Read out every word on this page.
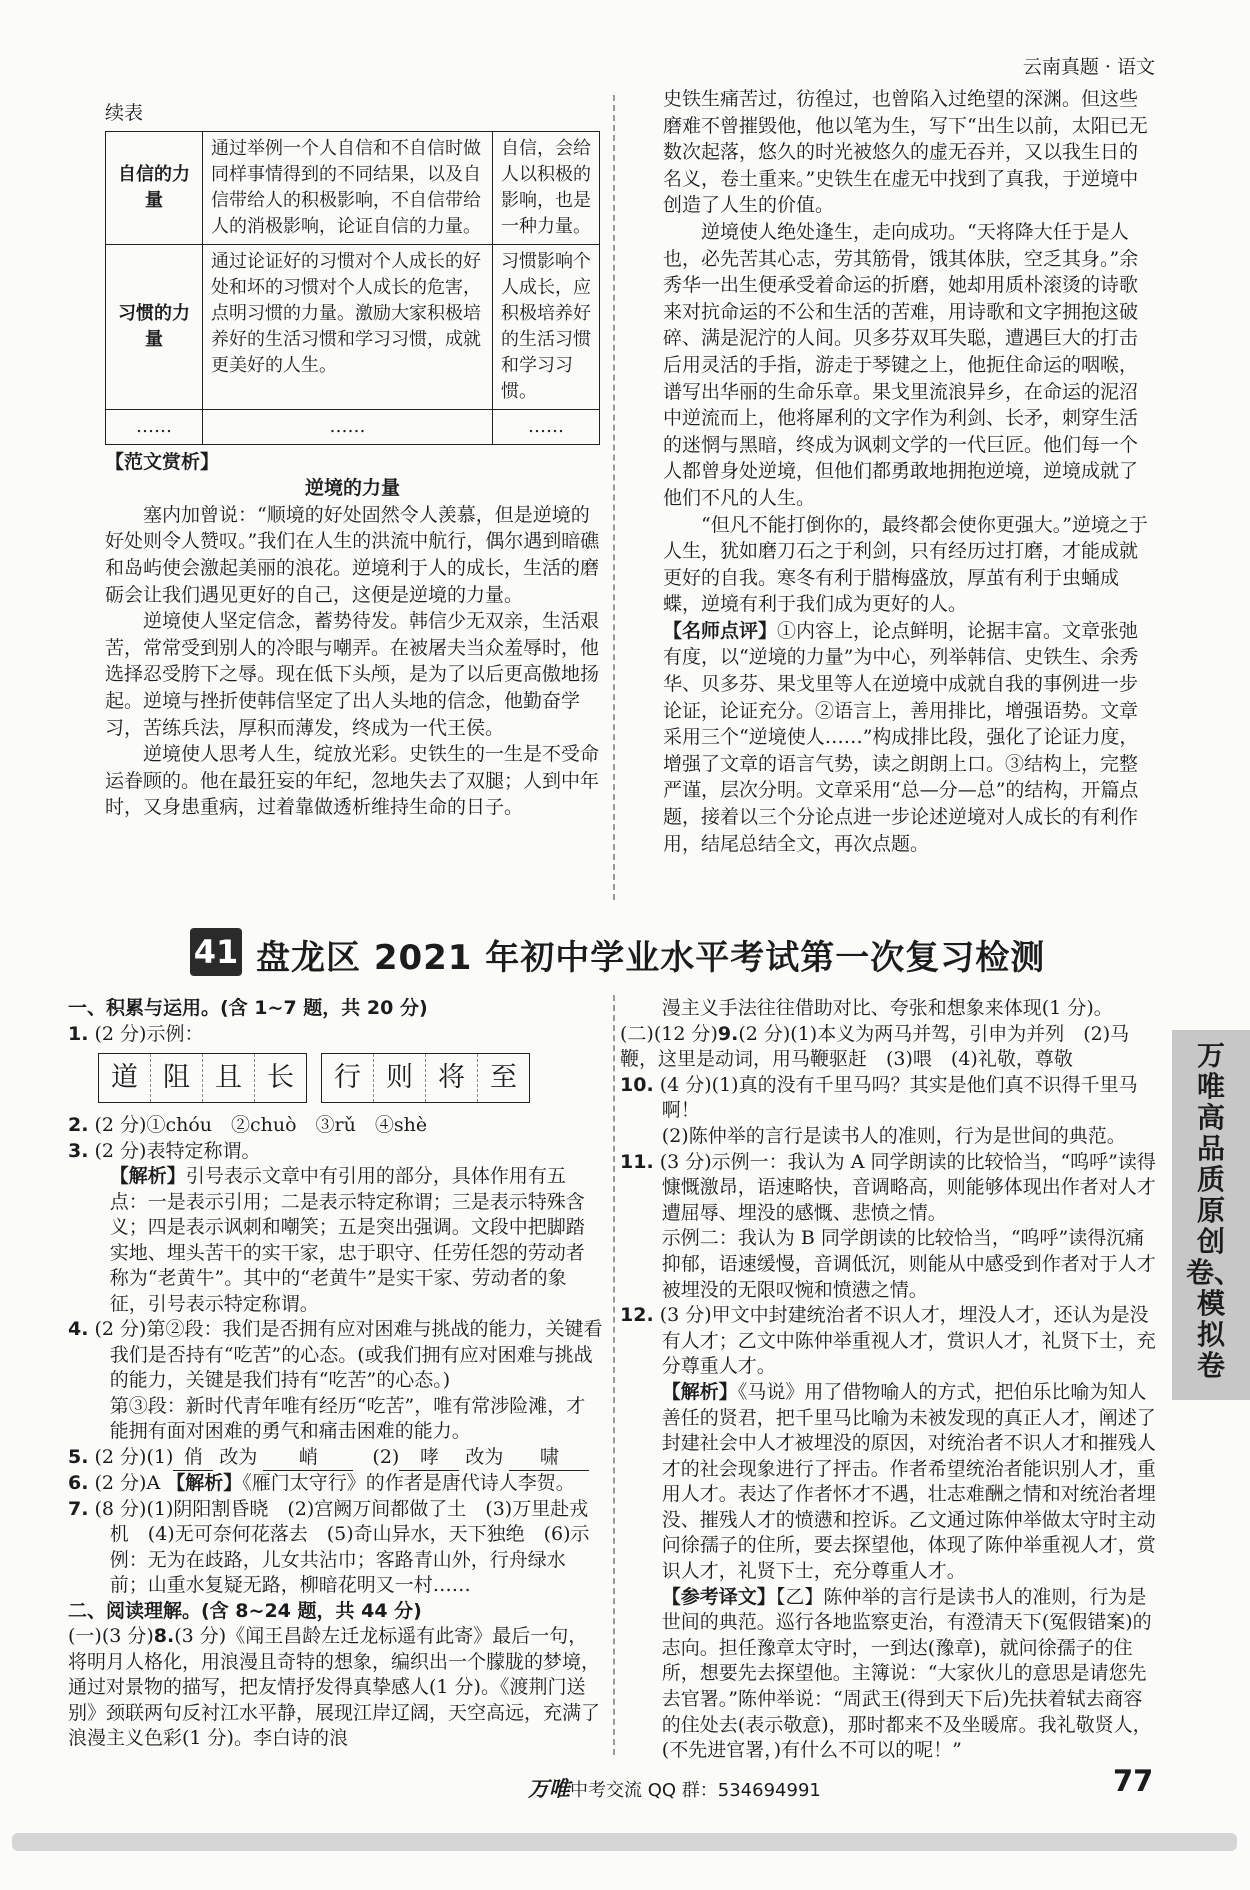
云南真题 · 语文

续表

自信的力量	通过举例一个人自信和不自信时做同样事情得到的不同结果，以及自信带给人的积极影响，不自信带给人的消极影响，论证自信的力量。	自信，会给人以积极的影响，也是一种力量。
习惯的力量	通过论证好的习惯对个人成长的好处和坏的习惯对个人成长的危害，点明习惯的力量。激励大家积极培养好的生活习惯和学习习惯，成就更美好的人生。	习惯影响个人成长，应积极培养好的生活习惯和学习习惯。
……	……	……

【范文赏析】

逆境的力量

塞内加曾说：“顺境的好处固然令人羡慕，但是逆境的好处则令人赞叹。”我们在人生的洪流中航行，偶尔遇到暗礁和岛屿使会激起美丽的浪花。逆境利于人的成长，生活的磨砺会让我们遇见更好的自己，这便是逆境的力量。

逆境使人坚定信念，蓄势待发。韩信少无双亲，生活艰苦，常常受到别人的冷眼与嘲弄。在被屠夫当众羞辱时，他选择忍受胯下之辱。现在低下头颅，是为了以后更高傲地扬起。逆境与挫折使韩信坚定了出人头地的信念，他勤奋学习，苦练兵法，厚积而薄发，终成为一代王侯。

逆境使人思考人生，绽放光彩。史铁生的一生是不受命运眷顾的。他在最狂妄的年纪，忽地失去了双腿；人到中年时，又身患重病，过着靠做透析维持生命的日子。

史铁生痛苦过，彷徨过，也曾陷入过绝望的深渊。但这些磨难不曾摧毁他，他以笔为生，写下“出生以前，太阳已无数次起落，悠久的时光被悠久的虚无吞并，又以我生日的名义，卷土重来。”史铁生在虚无中找到了真我，于逆境中创造了人生的价值。

逆境使人绝处逢生，走向成功。“天将降大任于是人也，必先苦其心志，劳其筋骨，饿其体肤，空乏其身。”余秀华一出生便承受着命运的折磨，她却用质朴滚烫的诗歌来对抗命运的不公和生活的苦难，用诗歌和文字拥抱这破碎、满是泥泞的人间。贝多芬双耳失聪，遭遇巨大的打击后用灵活的手指，游走于琴键之上，他扼住命运的咽喉，谱写出华丽的生命乐章。果戈里流浪异乡，在命运的泥沼中逆流而上，他将犀利的文字作为利剑、长矛，刺穿生活的迷惘与黑暗，终成为讽刺文学的一代巨匠。他们每一个人都曾身处逆境，但他们都勇敢地拥抱逆境，逆境成就了他们不凡的人生。

“但凡不能打倒你的，最终都会使你更强大。”逆境之于人生，犹如磨刀石之于利剑，只有经历过打磨，才能成就更好的自我。寒冬有利于腊梅盛放，厚茧有利于虫蛹成蝶，逆境有利于我们成为更好的人。

【名师点评】①内容上，论点鲜明，论据丰富。文章张弛有度，以“逆境的力量”为中心，列举韩信、史铁生、余秀华、贝多芬、果戈里等人在逆境中成就自我的事例进一步论证，论证充分。②语言上，善用排比，增强语势。文章采用三个“逆境使人……”构成排比段，强化了论证力度，增强了文章的语言气势，读之朗朗上口。③结构上，完整严谨，层次分明。文章采用“总—分—总”的结构，开篇点题，接着以三个分论点进一步论述逆境对人成长的有利作用，结尾总结全文，再次点题。

41 盘龙区 2021 年初中学业水平考试第一次复习检测

一、积累与运用。(含 1~7 题，共 20 分)

1. (2 分)示例：

道 阻 且 长	行 则 将 至

2. (2 分)①chóu　②chuò　③rǔ　④shè

3. (2 分)表特定称谓。

【解析】引号表示文章中有引用的部分，具体作用有五点：一是表示引用；二是表示特定称谓；三是表示特殊含义；四是表示讽刺和嘲笑；五是突出强调。文段中把脚踏实地、埋头苦干的实干家，忠于职守、任劳任怨的劳动者称为“老黄牛”。其中的“老黄牛”是实干家、劳动者的象征，引号表示特定称谓。

4. (2 分)第②段：我们是否拥有应对困难与挑战的能力，关键看我们是否持有“吃苦”的心态。(或我们拥有应对困难与挑战的能力，关键是我们持有“吃苦”的心态。)

第③段：新时代青年唯有经历“吃苦”，唯有常涉险滩，才能拥有面对困难的勇气和痛击困难的能力。

5. (2 分)(1) 俏 改为 峭　	(2) 哮 改为 啸

6. (2 分)A 【解析】《雁门太守行》的作者是唐代诗人李贺。

7. (8 分)(1)阴阳割昏晓　(2)宫阙万间都做了土　(3)万里赴戎机　(4)无可奈何花落去　(5)奇山异水，天下独绝　(6)示例：无为在歧路，儿女共沾巾；客路青山外，行舟绿水前；山重水复疑无路，柳暗花明又一村……

二、阅读理解。(含 8~24 题，共 44 分)

(一)(3 分)8.(3 分)《闻王昌龄左迁龙标遥有此寄》最后一句，将明月人格化，用浪漫且奇特的想象，编织出一个朦胧的梦境，通过对景物的描写，把友情抒发得真挚感人(1 分)。《渡荆门送别》颈联两句反衬江水平静，展现江岸辽阔，天空高远，充满了浪漫主义色彩(1 分)。李白诗的浪

漫主义手法往往借助对比、夸张和想象来体现(1 分)。

(二)(12 分)9.(2 分)(1)本义为两马并驾，引申为并列　(2)马鞭，这里是动词，用马鞭驱赶　(3)喂　(4)礼敬，尊敬

10. (4 分)(1)真的没有千里马吗？其实是他们真不识得千里马啊！

(2)陈仲举的言行是读书人的准则，行为是世间的典范。

11. (3 分)示例一：我认为 A 同学朗读的比较恰当，“呜呼”读得慷慨激昂，语速略快，音调略高，则能够体现出作者对人才遭屈辱、埋没的感慨、悲愤之情。

示例二：我认为 B 同学朗读的比较恰当，“呜呼”读得沉痛抑郁，语速缓慢，音调低沉，则能从中感受到作者对于人才被埋没的无限叹惋和愤懑之情。

12. (3 分)甲文中封建统治者不识人才，埋没人才，还认为是没有人才；乙文中陈仲举重视人才，赏识人才，礼贤下士，充分尊重人才。

【解析】《马说》用了借物喻人的方式，把伯乐比喻为知人善任的贤君，把千里马比喻为未被发现的真正人才，阐述了封建社会中人才被埋没的原因，对统治者不识人才和摧残人才的社会现象进行了抨击。作者希望统治者能识别人才，重用人才。表达了作者怀才不遇，壮志难酬之情和对统治者埋没、摧残人才的愤懑和控诉。乙文通过陈仲举做太守时主动问徐孺子的住所，要去探望他，体现了陈仲举重视人才，赏识人才，礼贤下士，充分尊重人才。

【参考译文】【乙】陈仲举的言行是读书人的准则，行为是世间的典范。巡行各地监察吏治，有澄清天下(冤假错案)的志向。担任豫章太守时，一到达(豫章)，就问徐孺子的住所，想要先去探望他。主簿说：“大家伙儿的意思是请您先去官署。”陈仲举说：“周武王(得到天下后)先扶着轼去商容的住处去(表示敬意)，那时都来不及坐暖席。我礼敬贤人，(不先进官署，)有什么不可以的呢！”

万唯高品质原创卷、模拟卷
万唯中考交流 QQ 群：534694991	77
